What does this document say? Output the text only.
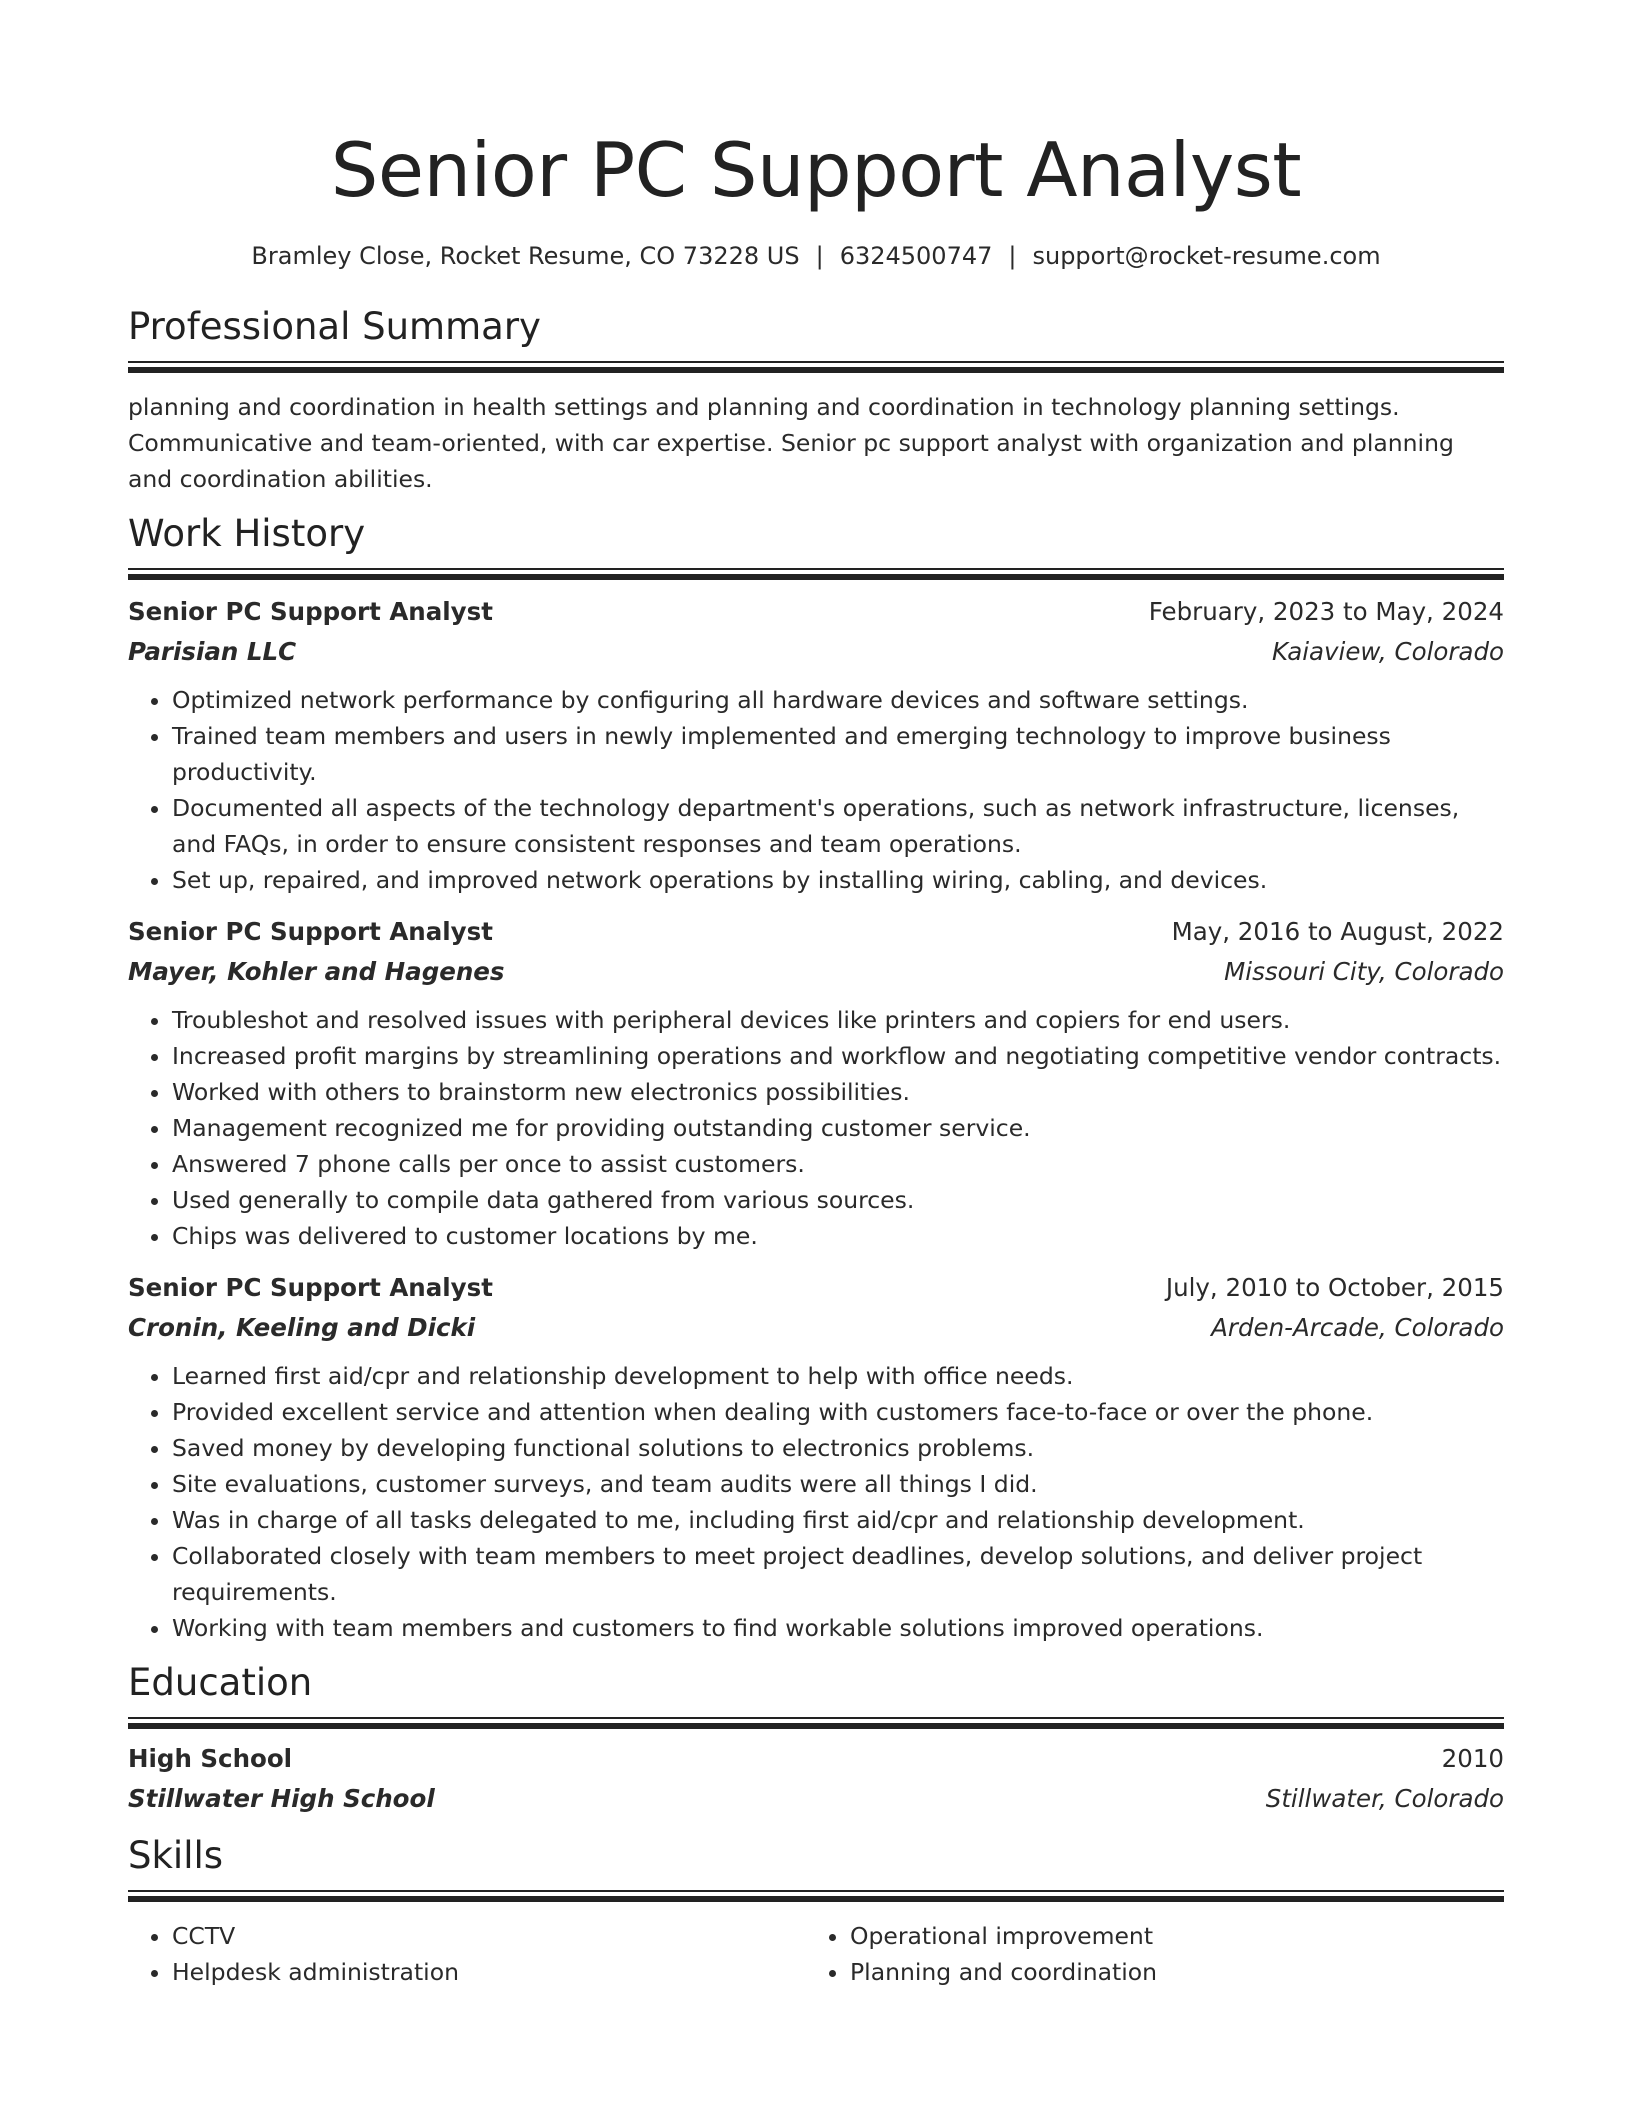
Senior PC Support Analyst
Bramley Close, Rocket Resume, CO 73228 US | 6324500747 | support@rocket-resume.com
Professional Summary
planning and coordination in health settings and planning and coordination in technology planning settings. Communicative and team-oriented, with car expertise. Senior pc support analyst with organization and planning and coordination abilities.
Work History
Senior PC Support Analyst	February, 2023 to May, 2024
Parisian LLC	Kaiaview, Colorado
• Optimized network performance by configuring all hardware devices and software settings.
• Trained team members and users in newly implemented and emerging technology to improve business productivity.
• Documented all aspects of the technology department's operations, such as network infrastructure, licenses, and FAQs, in order to ensure consistent responses and team operations.
• Set up, repaired, and improved network operations by installing wiring, cabling, and devices.
Senior PC Support Analyst	May, 2016 to August, 2022
Mayer, Kohler and Hagenes	Missouri City, Colorado
• Troubleshot and resolved issues with peripheral devices like printers and copiers for end users.
• Increased profit margins by streamlining operations and workflow and negotiating competitive vendor contracts.
• Worked with others to brainstorm new electronics possibilities.
• Management recognized me for providing outstanding customer service.
• Answered 7 phone calls per once to assist customers.
• Used generally to compile data gathered from various sources.
• Chips was delivered to customer locations by me.
Senior PC Support Analyst	July, 2010 to October, 2015
Cronin, Keeling and Dicki	Arden-Arcade, Colorado
• Learned first aid/cpr and relationship development to help with office needs.
• Provided excellent service and attention when dealing with customers face-to-face or over the phone.
• Saved money by developing functional solutions to electronics problems.
• Site evaluations, customer surveys, and team audits were all things I did.
• Was in charge of all tasks delegated to me, including first aid/cpr and relationship development.
• Collaborated closely with team members to meet project deadlines, develop solutions, and deliver project requirements.
• Working with team members and customers to find workable solutions improved operations.
Education
High School	2010
Stillwater High School	Stillwater, Colorado
Skills
• CCTV
• Helpdesk administration
• Operational improvement
• Planning and coordination
